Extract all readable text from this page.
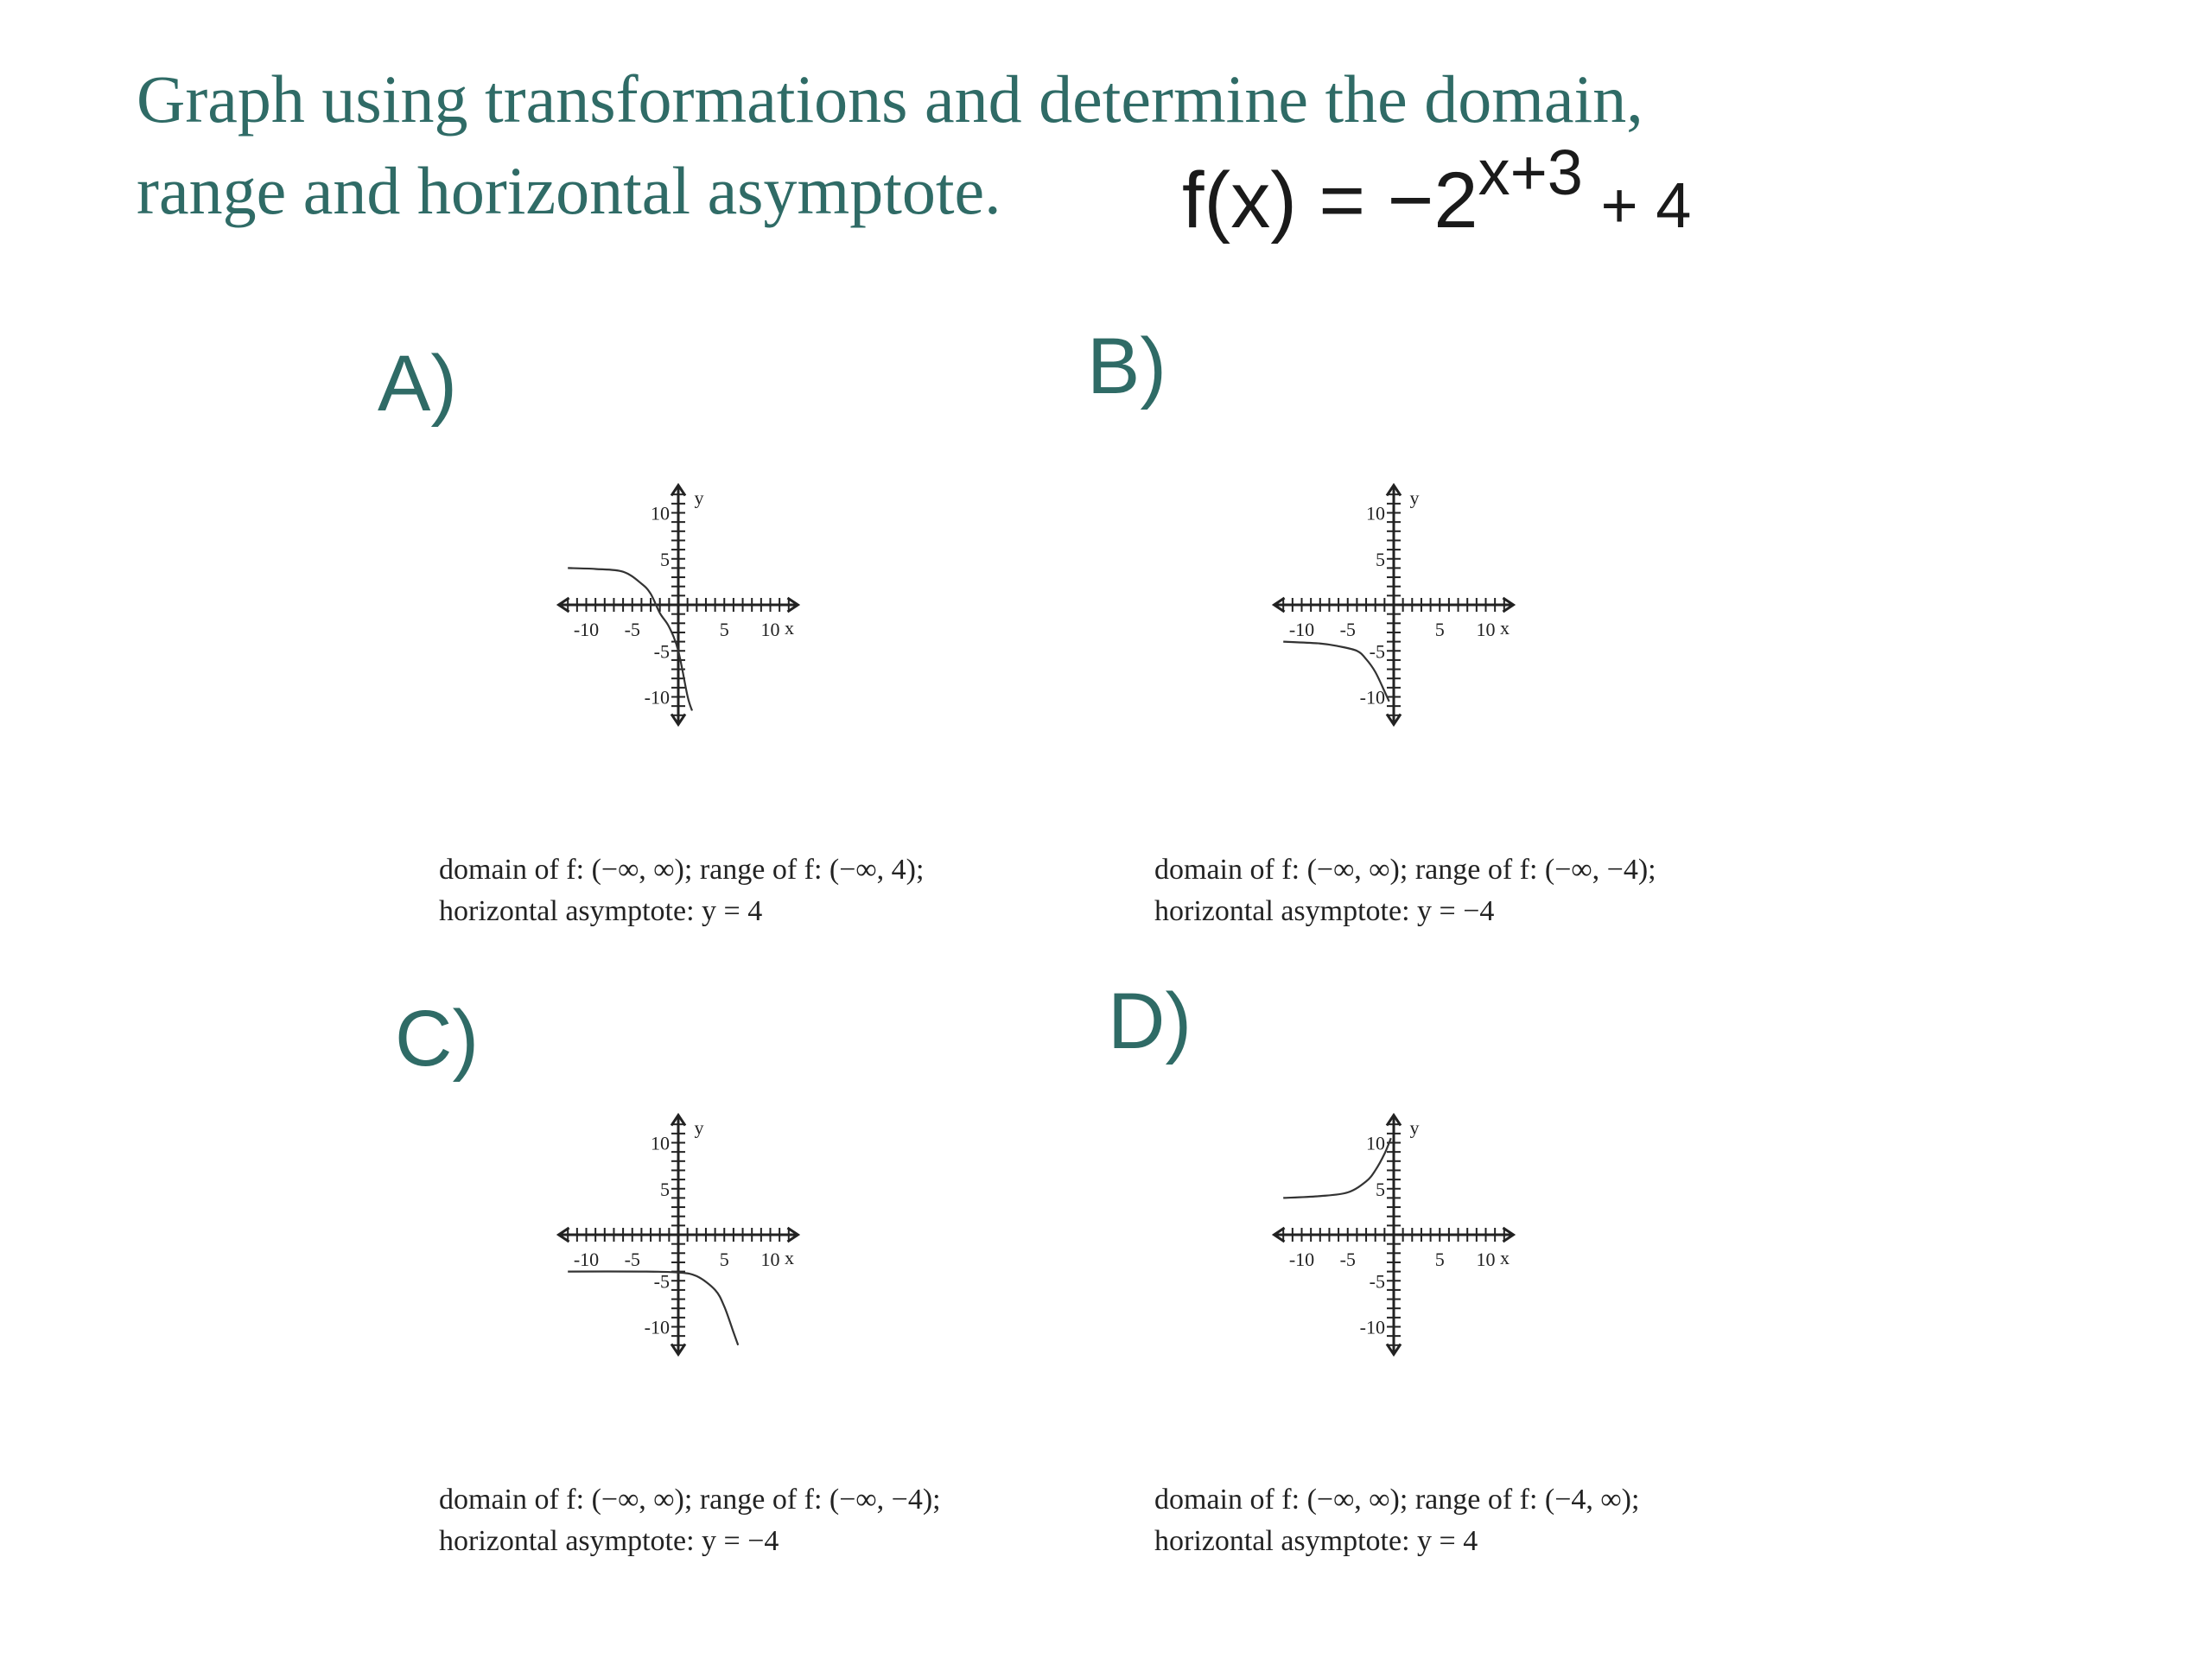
Graph using transformations and determine the domain,
range and horizontal asymptote.	$f(x) = -2^{x+3} + 4$
A)	B)
C)	D)
-10 -5	5 10
10
5
-5
-10
x
y
domain of f: (−∞, ∞); range of f: (−∞, 4);
horizontal asymptote: y = 4
-10 -5	5 10
10
5
-5
-10
x
y
domain of f: (−∞, ∞); range of f: (−∞, −4);
horizontal asymptote: y = −4
-10 -5	5 10
10
5
-5
-10
x
y
domain of f: (−∞, ∞); range of f: (−∞, −4);
horizontal asymptote: y = −4
-10 -5	5 10
10
5
-5
-10
x
y
domain of f: (−∞, ∞); range of f: (−4, ∞);
horizontal asymptote: y = 4
